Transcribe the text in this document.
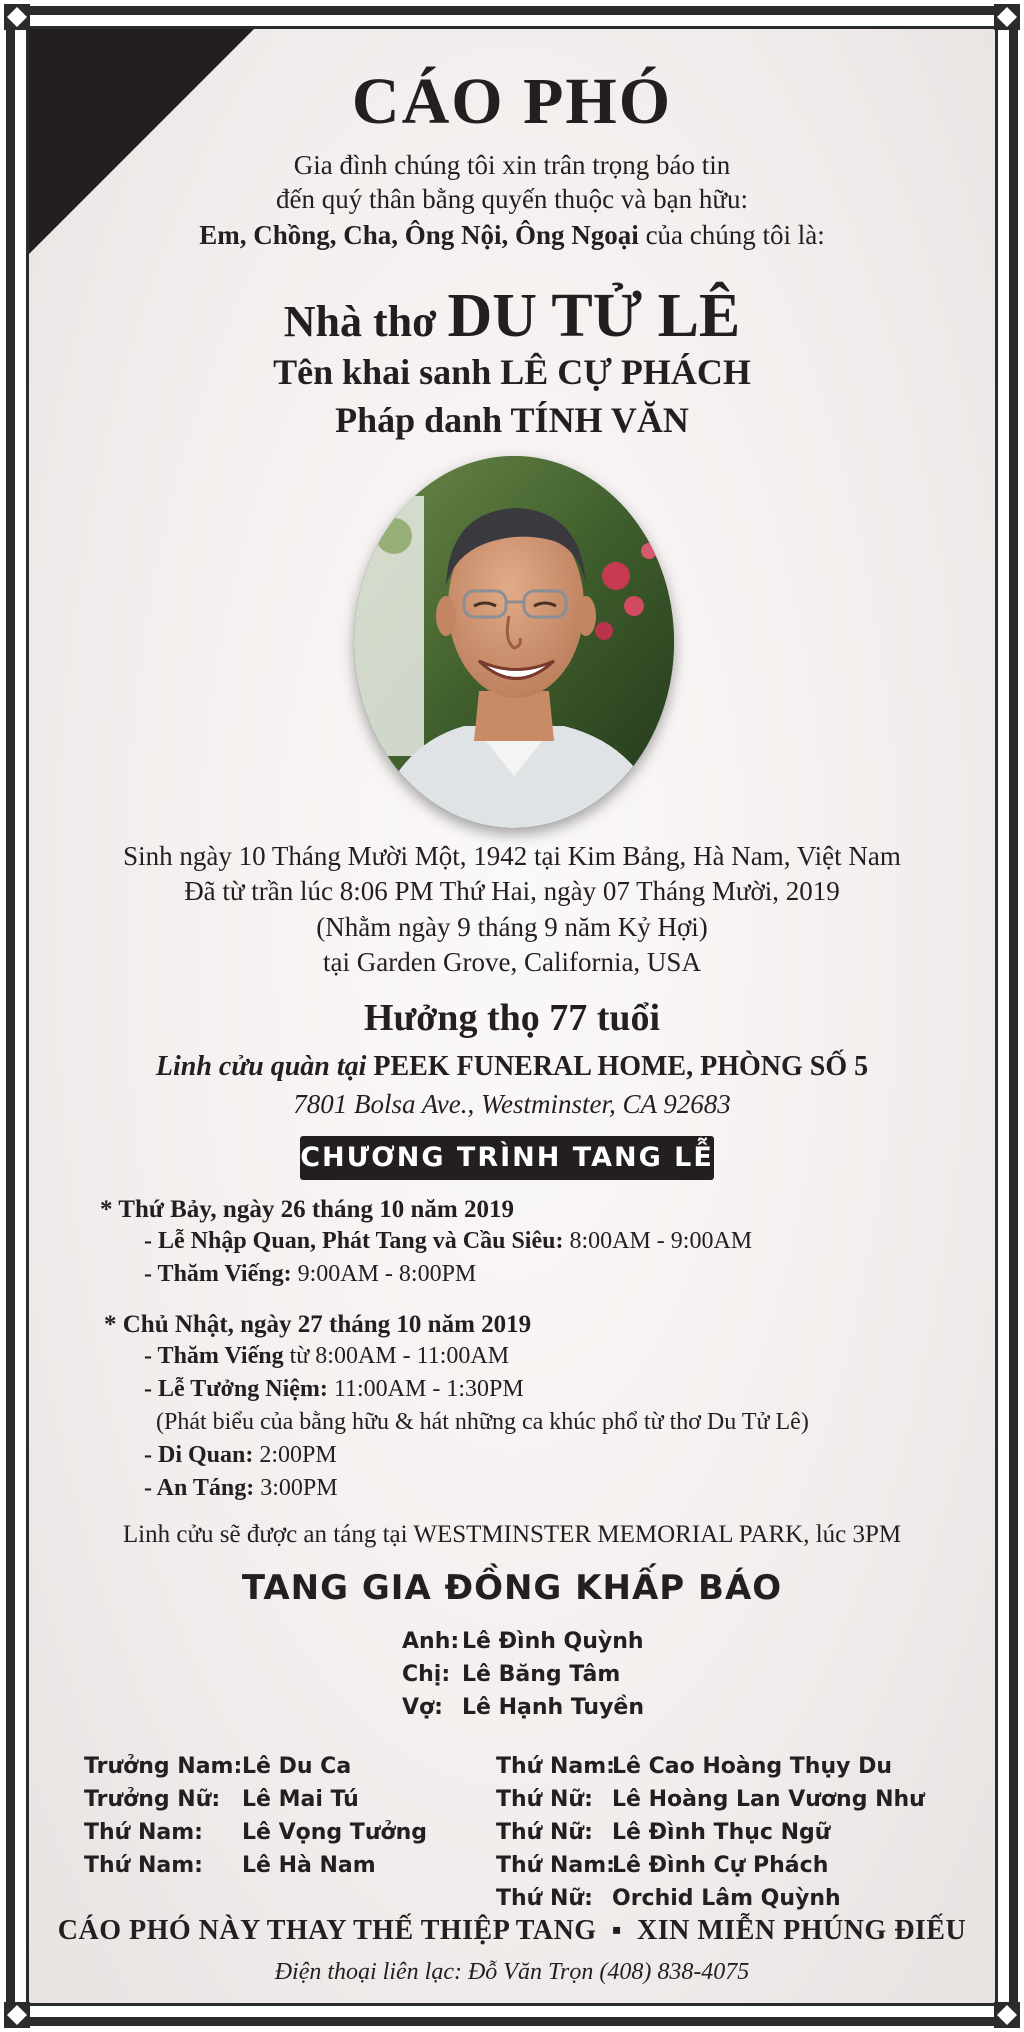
CÁO PHÓ
Gia đình chúng tôi xin trân trọng báo tin
đến quý thân bằng quyến thuộc và bạn hữu:
Em, Chồng, Cha, Ông Nội, Ông Ngoại của chúng tôi là:
Nhà thơ DU TỬ LÊ
Tên khai sanh LÊ CỰ PHÁCH
Pháp danh TÍNH VĂN
Sinh ngày 10 Tháng Mười Một, 1942 tại Kim Bảng, Hà Nam, Việt Nam
Đã từ trần lúc 8:06 PM Thứ Hai, ngày 07 Tháng Mười, 2019
(Nhằm ngày 9 tháng 9 năm Kỷ Hợi)
tại Garden Grove, California, USA
Hưởng thọ 77 tuổi
Linh cửu quàn tại PEEK FUNERAL HOME, PHÒNG SỐ 5
7801 Bolsa Ave., Westminster, CA 92683
CHƯƠNG TRÌNH TANG LỄ
* Thứ Bảy, ngày 26 tháng 10 năm 2019
- Lễ Nhập Quan, Phát Tang và Cầu Siêu: 8:00AM - 9:00AM
- Thăm Viếng: 9:00AM - 8:00PM
* Chủ Nhật, ngày 27 tháng 10 năm 2019
- Thăm Viếng từ 8:00AM - 11:00AM
- Lễ Tưởng Niệm: 11:00AM - 1:30PM
(Phát biểu của bằng hữu & hát những ca khúc phổ từ thơ Du Tử Lê)
- Di Quan: 2:00PM
- An Táng: 3:00PM
Linh cửu sẽ được an táng tại WESTMINSTER MEMORIAL PARK, lúc 3PM
TANG GIA ĐỒNG KHẤP BÁO
Anh: Lê Đình Quỳnh
Chị: Lê Băng Tâm
Vợ: Lê Hạnh Tuyền
Trưởng Nam:Lê Du Ca
Trưởng Nữ: Lê Mai Tú
Thứ Nam: Lê Vọng Tưởng
Thứ Nam: Lê Hà Nam
Thứ Nam:Lê Cao Hoàng Thụy Du
Thứ Nữ: Lê Hoàng Lan Vương Như
Thứ Nữ: Lê Đình Thục Ngữ
Thứ Nam:Lê Đình Cự Phách
Thứ Nữ: Orchid Lâm Quỳnh
CÁO PHÓ NÀY THAY THẾ THIỆP TANG ▪ XIN MIỄN PHÚNG ĐIẾU
Điện thoại liên lạc: Đỗ Văn Trọn (408) 838-4075
